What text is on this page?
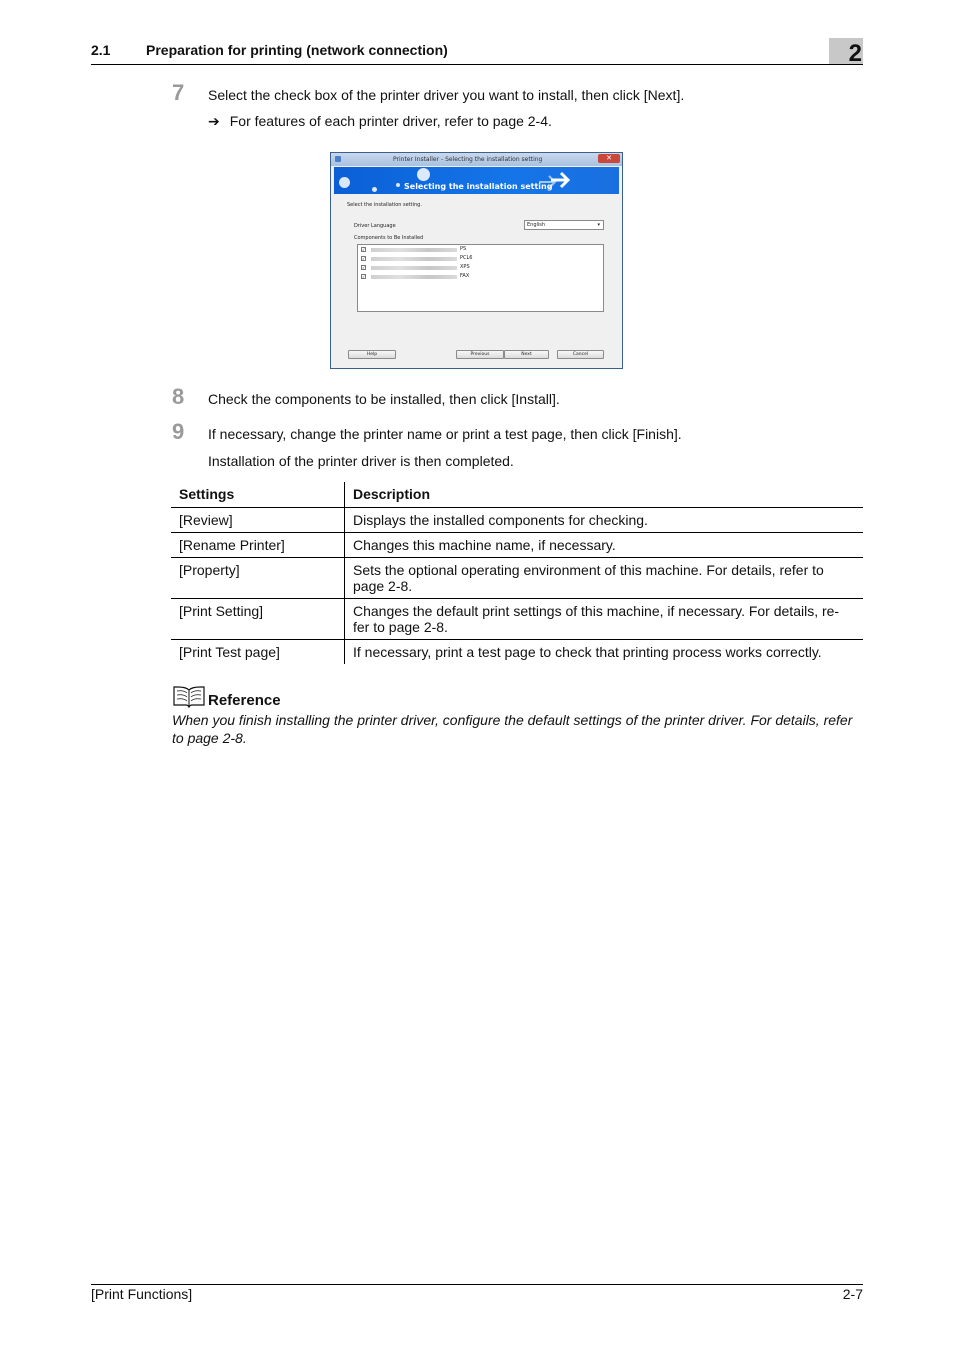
2.1	Preparation for printing (network connection)	2
7 Select the check box of the printer driver you want to install, then click [Next].
➔ For features of each printer driver, refer to page 2-4.
Printer Installer - Selecting the installation setting	✕
Selecting the installation setting
Select the installation setting.
Driver Language	English	▾
Components to Be Installed
✓	PS
✓	PCL6
✓	XPS
✓	FAX
Help	Previous	Next	Cancel
8 Check the components to be installed, then click [Install].
9 If necessary, change the printer name or print a test page, then click [Finish].
Installation of the printer driver is then completed.
Settings	Description
[Review]	Displays the installed components for checking.
[Rename Printer]	Changes this machine name, if necessary.
[Property]	Sets the optional operating environment of this machine. For details, refer to page 2-8.
[Print Setting]	Changes the default print settings of this machine, if necessary. For details, re-fer to page 2-8.
[Print Test page]	If necessary, print a test page to check that printing process works correctly.
Reference
When you finish installing the printer driver, configure the default settings of the printer driver. For details, refer to page 2-8.
[Print Functions]	2-7
